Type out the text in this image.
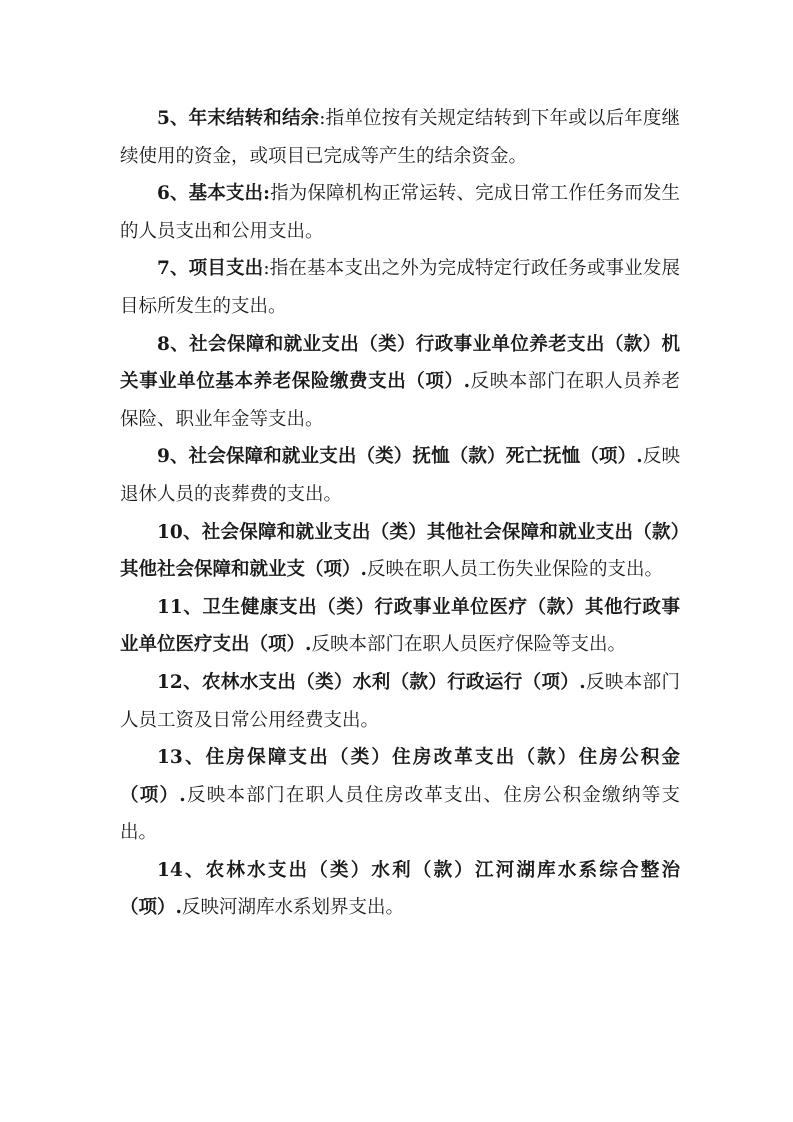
5、年末结转和结余:指单位按有关规定结转到下年或以后年度继续使用的资金，或项目已完成等产生的结余资金。

6、基本支出:指为保障机构正常运转、完成日常工作任务而发生的人员支出和公用支出。

7、项目支出:指在基本支出之外为完成特定行政任务或事业发展目标所发生的支出。

8、社会保障和就业支出（类）行政事业单位养老支出（款）机关事业单位基本养老保险缴费支出（项）.反映本部门在职人员养老保险、职业年金等支出。

9、社会保障和就业支出（类）抚恤（款）死亡抚恤（项）.反映退休人员的丧葬费的支出。

10、社会保障和就业支出（类）其他社会保障和就业支出（款）其他社会保障和就业支（项）.反映在职人员工伤失业保险的支出。

11、卫生健康支出（类）行政事业单位医疗（款）其他行政事业单位医疗支出（项）.反映本部门在职人员医疗保险等支出。

12、农林水支出（类）水利（款）行政运行（项）.反映本部门人员工资及日常公用经费支出。

13、住房保障支出（类）住房改革支出（款）住房公积金（项）.反映本部门在职人员住房改革支出、住房公积金缴纳等支出。

14、农林水支出（类）水利（款）江河湖库水系综合整治（项）.反映河湖库水系划界支出。
